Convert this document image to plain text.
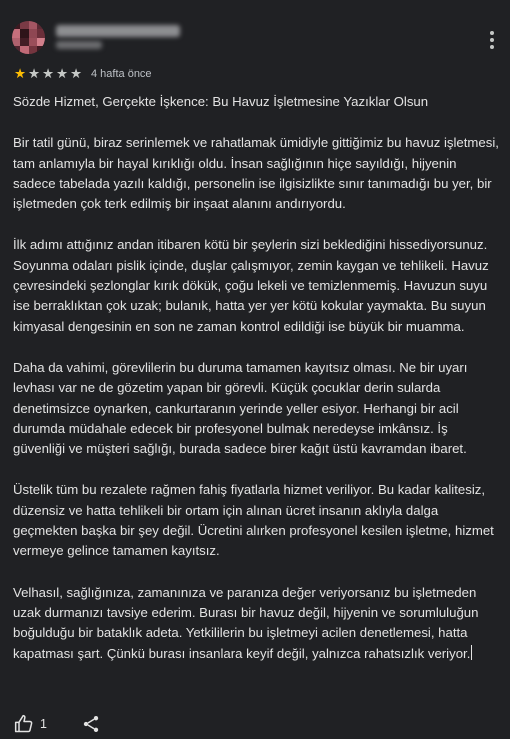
★ ★ ★ ★ ★ 4 hafta önce

Sözde Hizmet, Gerçekte İşkence: Bu Havuz İşletmesine Yazıklar Olsun

Bir tatil günü, biraz serinlemek ve rahatlamak ümidiyle gittiğimiz bu havuz işletmesi, tam anlamıyla bir hayal kırıklığı oldu. İnsan sağlığının hiçe sayıldığı, hijyenin sadece tabelada yazılı kaldığı, personelin ise ilgisizlikte sınır tanımadığı bu yer, bir işletmeden çok terk edilmiş bir inşaat alanını andırıyordu.

İlk adımı attığınız andan itibaren kötü bir şeylerin sizi beklediğini hissediyorsunuz. Soyunma odaları pislik içinde, duşlar çalışmıyor, zemin kaygan ve tehlikeli. Havuz çevresindeki şezlonglar kırık dökük, çoğu lekeli ve temizlenmemiş. Havuzun suyu ise berraklıktan çok uzak; bulanık, hatta yer yer kötü kokular yaymakta. Bu suyun kimyasal dengesinin en son ne zaman kontrol edildiği ise büyük bir muamma.

Daha da vahimi, görevlilerin bu duruma tamamen kayıtsız olması. Ne bir uyarı levhası var ne de gözetim yapan bir görevli. Küçük çocuklar derin sularda denetimsizce oynarken, cankurtaranın yerinde yeller esiyor. Herhangi bir acil durumda müdahale edecek bir profesyonel bulmak neredeyse imkânsız. İş güvenliği ve müşteri sağlığı, burada sadece birer kağıt üstü kavramdan ibaret.

Üstelik tüm bu rezalete rağmen fahiş fiyatlarla hizmet veriliyor. Bu kadar kalitesiz, düzensiz ve hatta tehlikeli bir ortam için alınan ücret insanın aklıyla dalga geçmekten başka bir şey değil. Ücretini alırken profesyonel kesilen işletme, hizmet vermeye gelince tamamen kayıtsız.

Velhasıl, sağlığınıza, zamanınıza ve paranıza değer veriyorsanız bu işletmeden uzak durmanızı tavsiye ederim. Burası bir havuz değil, hijyenin ve sorumluluğun boğulduğu bir bataklık adeta. Yetkililerin bu işletmeyi acilen denetlemesi, hatta kapatması şart. Çünkü burası insanlara keyif değil, yalnızca rahatsızlık veriyor.

1
